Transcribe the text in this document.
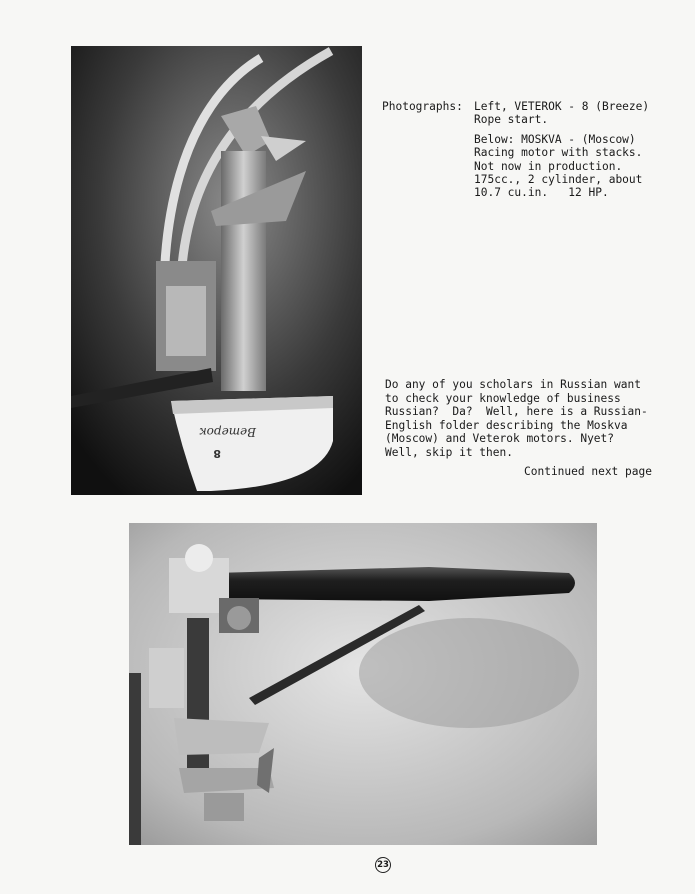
Ветерок
8
Photographs: Left, VETEROK - 8 (Breeze)
Rope start.
Below: MOSKVA - (Moscow)
Racing motor with stacks.
Not now in production.
175cc., 2 cylinder, about
10.7 cu.in.   12 HP.
Do any of you scholars in Russian want
to check your knowledge of business
Russian?  Da?  Well, here is a Russian-
English folder describing the Moskva
(Moscow) and Veterok motors. Nyet?
Well, skip it then.
Continued next page
23
